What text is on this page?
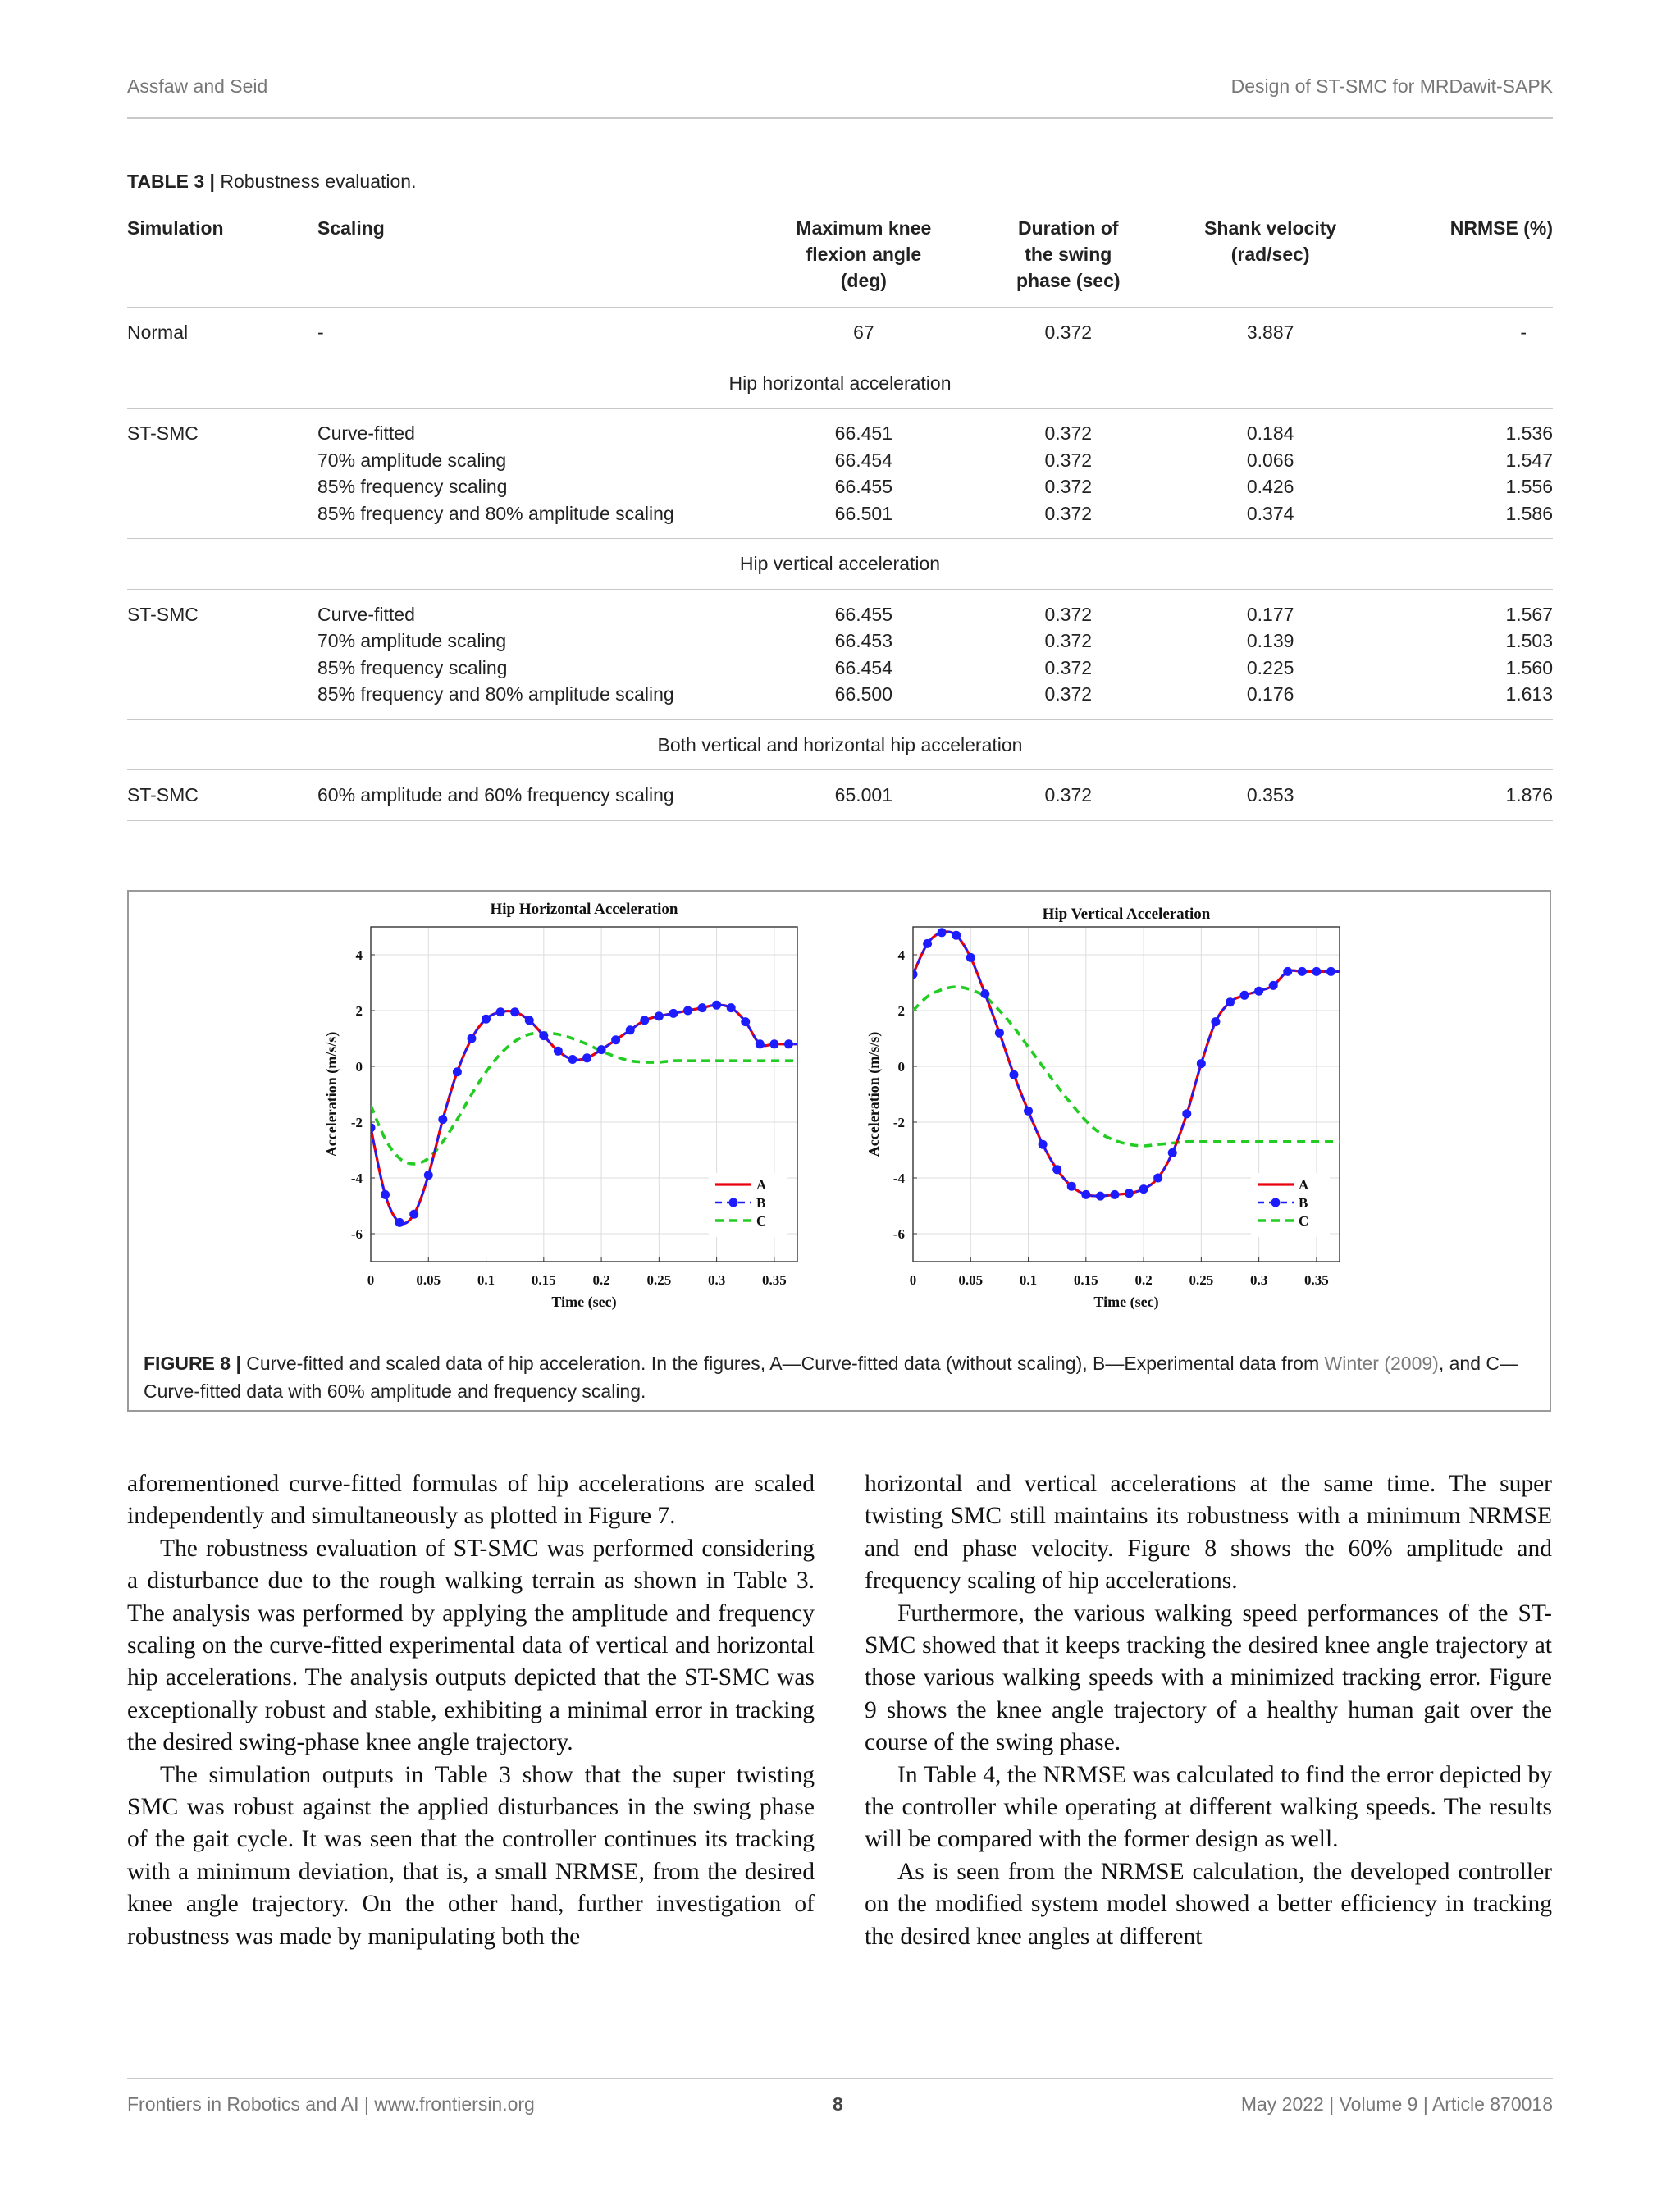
Assfaw and Seid	Design of ST-SMC for MRDawit-SAPK
TABLE 3 | Robustness evaluation.
Simulation	Scaling	Maximum knee
flexion angle
(deg)	Duration of
the swing
phase (sec)	Shank velocity
(rad/sec)	NRMSE (%)
Normal	-	67	0.372	3.887	-
Hip horizontal acceleration					
ST-SMC	Curve-fitted	66.451	0.372	0.184	1.536
	70% amplitude scaling	66.454	0.372	0.066	1.547
	85% frequency scaling	66.455	0.372	0.426	1.556
	85% frequency and 80% amplitude scaling	66.501	0.372	0.374	1.586
Hip vertical acceleration					
ST-SMC	Curve-fitted	66.455	0.372	0.177	1.567
	70% amplitude scaling	66.453	0.372	0.139	1.503
	85% frequency scaling	66.454	0.372	0.225	1.560
	85% frequency and 80% amplitude scaling	66.500	0.372	0.176	1.613
Both vertical and horizontal hip acceleration					
ST-SMC	60% amplitude and 60% frequency scaling	65.001	0.372	0.353	1.876
0	0.05	0.1	0.15	0.2	0.25	0.3	0.35
-6
-4
-2
0
2
4
Hip Horizontal Acceleration
Time (sec)
Acceleration (m/s/s)
A
B
C
0	0.05	0.1	0.15	0.2	0.25	0.3	0.35
-6
-4
-2
0
2
4
Hip Vertical Acceleration
Time (sec)
Acceleration (m/s/s)
A
B
C
FIGURE 8 | Curve-fitted and scaled data of hip acceleration. In the figures, A—Curve-fitted data (without scaling), B—Experimental data from Winter (2009), and C—Curve-fitted data with 60% amplitude and frequency scaling.

aforementioned curve-fitted formulas of hip accelerations are scaled independently and simultaneously as plotted in Figure 7.

The robustness evaluation of ST-SMC was performed considering a disturbance due to the rough walking terrain as shown in Table 3. The analysis was performed by applying the amplitude and frequency scaling on the curve-fitted experimental data of vertical and horizontal hip accelerations. The analysis outputs depicted that the ST-SMC was exceptionally robust and stable, exhibiting a minimal error in tracking the desired swing-phase knee angle trajectory.

The simulation outputs in Table 3 show that the super twisting SMC was robust against the applied disturbances in the swing phase of the gait cycle. It was seen that the controller continues its tracking with a minimum deviation, that is, a small NRMSE, from the desired knee angle trajectory. On the other hand, further investigation of robustness was made by manipulating both the

horizontal and vertical accelerations at the same time. The super twisting SMC still maintains its robustness with a minimum NRMSE and end phase velocity. Figure 8 shows the 60% amplitude and frequency scaling of hip accelerations.

Furthermore, the various walking speed performances of the ST-SMC showed that it keeps tracking the desired knee angle trajectory at those various walking speeds with a minimized tracking error. Figure 9 shows the knee angle trajectory of a healthy human gait over the course of the swing phase.

In Table 4, the NRMSE was calculated to find the error depicted by the controller while operating at different walking speeds. The results will be compared with the former design as well.

As is seen from the NRMSE calculation, the developed controller on the modified system model showed a better efficiency in tracking the desired knee angles at different

Frontiers in Robotics and AI | www.frontiersin.org	8	May 2022 | Volume 9 | Article 870018
